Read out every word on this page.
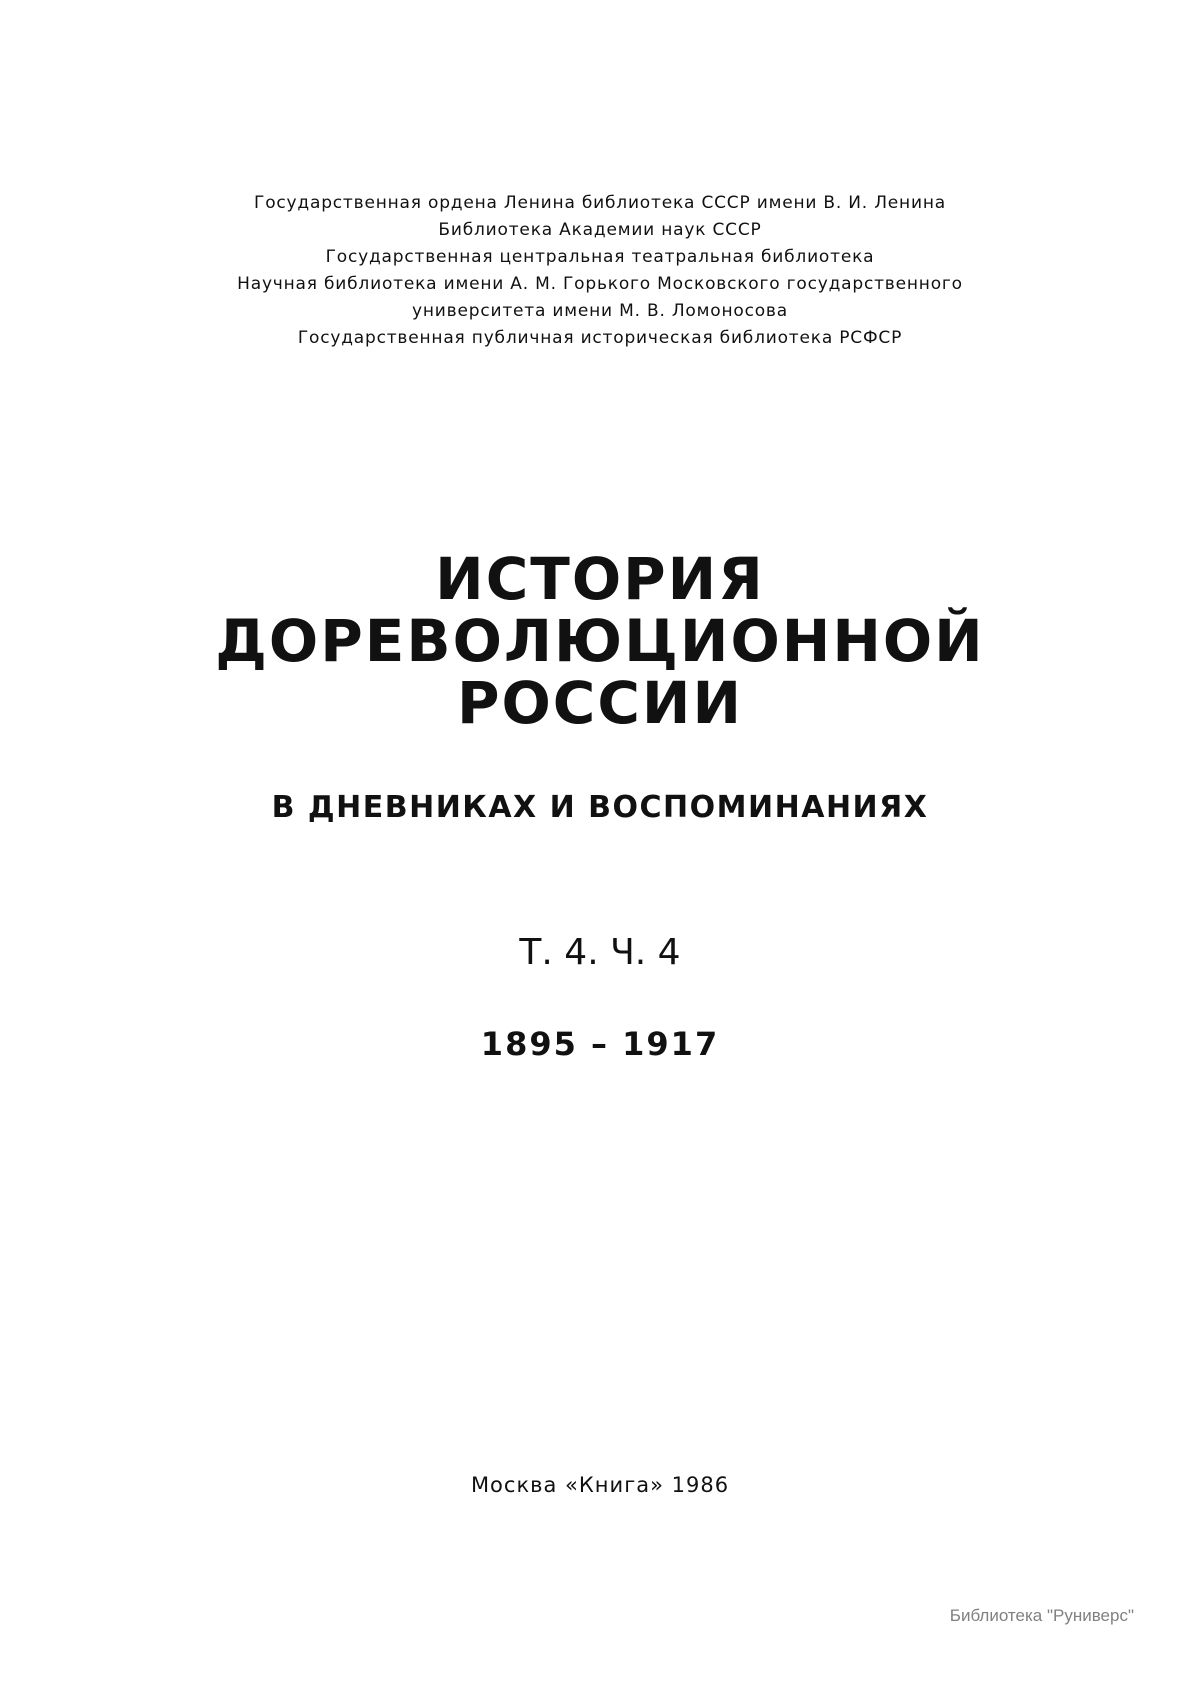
Государственная ордена Ленина библиотека СССР имени В. И. Ленина
Библиотека Академии наук СССР
Государственная центральная театральная библиотека
Научная библиотека имени А. М. Горького Московского государственного
университета имени М. В. Ломоносова
Государственная публичная историческая библиотека РСФСР
ИСТОРИЯ
ДОРЕВОЛЮЦИОННОЙ
РОССИИ
В ДНЕВНИКАХ И ВОСПОМИНАНИЯХ
Т. 4. Ч. 4
1895 – 1917
Москва «Книга» 1986
Библиотека "Руниверс"
